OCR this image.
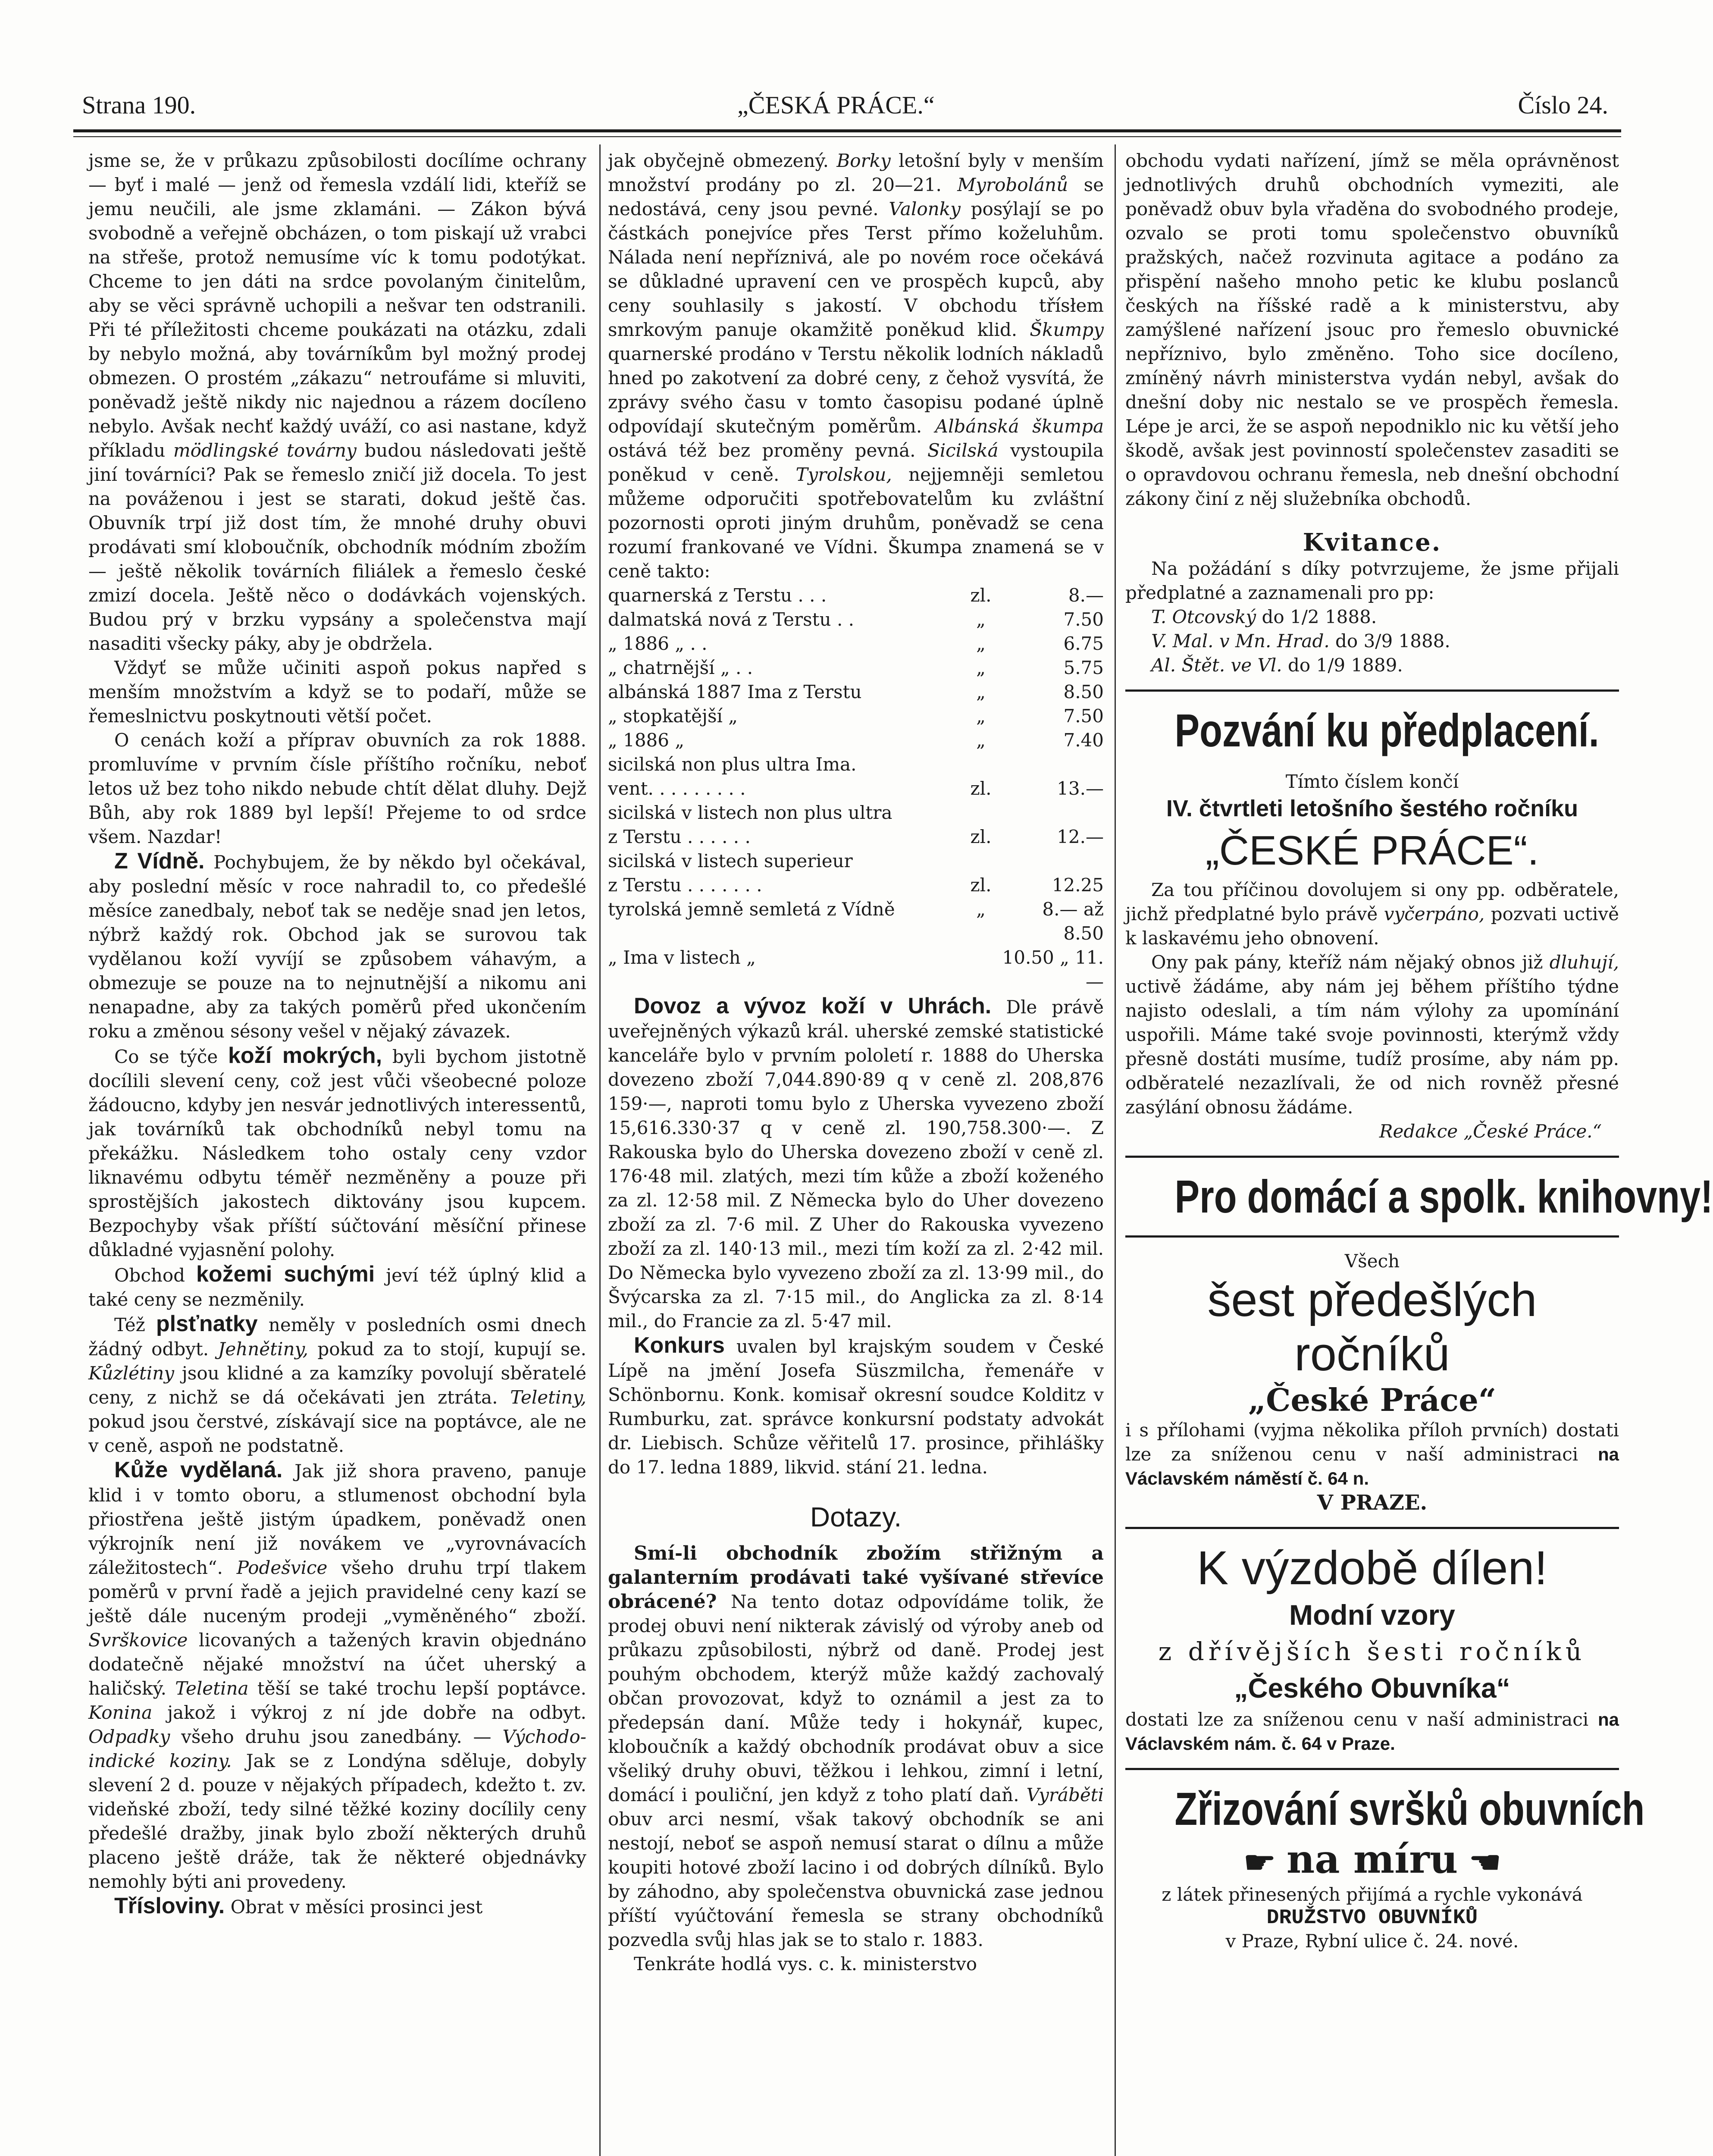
Strana 190.	„ČESKÁ PRÁCE.“	Číslo 24.

jsme se, že v průkazu způsobilosti docílíme ochrany — byť i malé — jenž od řemesla vzdálí lidi, kteříž se jemu neučili, ale jsme zklamáni. — Zákon bývá svobodně a veřejně obcházen, o tom piskají už vrabci na střeše, protož nemusíme víc k tomu podotýkat. Chceme to jen dáti na srdce povolaným činitelům, aby se věci správně uchopili a nešvar ten odstranili. Při té příležitosti chceme poukázati na otázku, zdali by nebylo možná, aby továrníkům byl možný prodej obmezen. O prostém „zákazu“ netroufáme si mluviti, poněvadž ještě nikdy nic najednou a rázem docíleno nebylo. Avšak nechť každý uváží, co asi nastane, když příkladu mödlingské továrny budou následovati ještě jiní továrníci? Pak se řemeslo zničí již docela. To jest na pováženou i jest se starati, dokud ještě čas. Obuvník trpí již dost tím, že mnohé druhy obuvi prodávati smí kloboučník, obchodník módním zbožím — ještě několik továrních filiálek a řemeslo české zmizí docela. Ještě něco o dodávkách vojenských. Budou prý v brzku vypsány a společenstva mají nasaditi všecky páky, aby je obdržela.

Vždyť se může učiniti aspoň pokus napřed s menším množstvím a když se to podaří, může se řemeslnictvu poskytnouti větší počet.

O cenách koží a příprav obuvních za rok 1888. promluvíme v prvním čísle příštího ročníku, neboť letos už bez toho nikdo nebude chtít dělat dluhy. Dejž Bůh, aby rok 1889 byl lepší! Přejeme to od srdce všem. Nazdar!

Z Vídně. Pochybujem, že by někdo byl očekával, aby poslední měsíc v roce nahradil to, co předešlé měsíce zanedbaly, neboť tak se neděje snad jen letos, nýbrž každý rok. Obchod jak se surovou tak vydělanou koží vyvíjí se způsobem váhavým, a obmezuje se pouze na to nejnutnější a nikomu ani nenapadne, aby za takých poměrů před ukončením roku a změnou sésony vešel v nějaký závazek.

Co se týče koží mokrých, byli bychom jistotně docílili slevení ceny, což jest vůči všeobecné poloze žádoucno, kdyby jen nesvár jednotlivých interessentů, jak továrníků tak obchodníků nebyl tomu na překážku. Následkem toho ostaly ceny vzdor liknavému odbytu téměř nezměněny a pouze při sprostějších jakostech diktovány jsou kupcem. Bezpochyby však příští súčtování měsíční přinese důkladné vyjasnění polohy.

Obchod kožemi suchými jeví též úplný klid a také ceny se nezměnily.

Též plsťnatky neměly v posledních osmi dnech žádný odbyt. Jehnětiny, pokud za to stojí, kupují se. Kůzlétiny jsou klidné a za kamzíky povolují sběratelé ceny, z nichž se dá očekávati jen ztráta. Teletiny, pokud jsou čerstvé, získávají sice na poptávce, ale ne v ceně, aspoň ne podstatně.

Kůže vydělaná. Jak již shora praveno, panuje klid i v tomto oboru, a stlumenost obchodní byla přiostřena ještě jistým úpadkem, poněvadž onen výkrojník není již novákem ve „vyrovnávacích záležitostech“. Podešvice všeho druhu trpí tlakem poměrů v první řadě a jejich pravidelné ceny kazí se ještě dále nuceným prodeji „vyměněného“ zboží. Svrškovice licovaných a tažených kravin objednáno dodatečně nějaké množství na účet uherský a haličský. Teletina těší se také trochu lepší poptávce. Konina jakož i výkroj z ní jde dobře na odbyt. Odpadky všeho druhu jsou zanedbány. — Východo-indické koziny. Jak se z Londýna sděluje, dobyly slevení 2 d. pouze v nějakých případech, kdežto t. zv. videňské zboží, tedy silné těžké koziny docílily ceny předešlé dražby, jinak bylo zboží některých druhů placeno ještě dráže, tak že některé objednávky nemohly býti ani provedeny.

Třísloviny. Obrat v měsíci prosinci jest

jak obyčejně obmezený. Borky letošní byly v menším množství prodány po zl. 20—21. Myrobolánů se nedostává, ceny jsou pevné. Valonky posýlají se po částkách ponejvíce přes Terst přímo koželuhům. Nálada není nepříznivá, ale po novém roce očekává se důkladné upravení cen ve prospěch kupců, aby ceny souhlasily s jakostí. V obchodu třísłem smrkovým panuje okamžitě poněkud klid. Škumpy quarnerské prodáno v Terstu několik lodních nákladů hned po zakotvení za dobré ceny, z čehož vysvítá, že zprávy svého času v tomto časopisu podané úplně odpovídají skutečným poměrům. Albánská škumpa ostává též bez proměny pevná. Sicilská vystoupila poněkud v ceně. Tyrolskou, nejjemněji semletou můžeme odporučiti spotřebovatelům ku zvláštní pozornosti oproti jiným druhům, poněvadž se cena rozumí frankované ve Vídni. Škumpa znamená se v ceně takto:

quarnerská z Terstu . . .	zl.	8.—
dalmatská nová z Terstu . .	„	7.50
„ 1886 „ . .	„	6.75
„ chatrnější „ . .	„	5.75
albánská 1887 Ima z Terstu	„	8.50
„ stopkatější „	„	7.50
„ 1886 „	„	7.40
sicilská non plus ultra Ima.
vent. . . . . . . . .	zl.	13.—
sicilská v listech non plus ultra
z Terstu . . . . . .	zl.	12.—
sicilská v listech superieur
z Terstu . . . . . . .	zl.	12.25
tyrolská jemně semletá z Vídně	„	8.— až 8.50
„ Ima v listech „	10.50 „ 11.—

Dovoz a vývoz koží v Uhrách. Dle právě uveřejněných výkazů král. uherské zemské statistické kanceláře bylo v prvním pololetí r. 1888 do Uherska dovezeno zboží 7,044.890·89 q v ceně zl. 208,876 159·—, naproti tomu bylo z Uherska vyvezeno zboží 15,616.330·37 q v ceně zl. 190,758.300·—. Z Rakouska bylo do Uherska dovezeno zboží v ceně zl. 176·48 mil. zlatých, mezi tím kůže a zboží koženého za zl. 12·58 mil. Z Německa bylo do Uher dovezeno zboží za zl. 7·6 mil. Z Uher do Rakouska vyvezeno zboží za zl. 140·13 mil., mezi tím koží za zl. 2·42 mil. Do Německa bylo vyvezeno zboží za zl. 13·99 mil., do Švýcarska za zl. 7·15 mil., do Anglicka za zl. 8·14 mil., do Francie za zl. 5·47 mil.

Konkurs uvalen byl krajským soudem v České Lípě na jmění Josefa Süszmilcha, řemenáře v Schönbornu. Konk. komisař okresní soudce Kolditz v Rumburku, zat. správce konkursní podstaty advokát dr. Liebisch. Schůze věřitelů 17. prosince, přihlášky do 17. ledna 1889, likvid. stání 21. ledna.

Dotazy.

Smí-li obchodník zbožím střižným a galanterním prodávati také vyšívané střevíce obrácené? Na tento dotaz odpovídáme tolik, že prodej obuvi není nikterak závislý od výroby aneb od průkazu způsobilosti, nýbrž od daně. Prodej jest pouhým obchodem, kterýž může každý zachovalý občan provozovat, když to oznámil a jest za to předepsán daní. Může tedy i hokynář, kupec, kloboučník a každý obchodník prodávat obuv a sice všeliký druhy obuvi, těžkou i lehkou, zimní i letní, domácí i pouliční, jen když z toho platí daň. Vyráběti obuv arci nesmí, však takový obchodník se ani nestojí, neboť se aspoň nemusí starat o dílnu a může koupiti hotové zboží lacino i od dobrých dílníků. Bylo by záhodno, aby společenstva obuvnická zase jednou příští vyúčtování řemesla se strany obchodníků pozvedla svůj hlas jak se to stalo r. 1883.

Tenkráte hodlá vys. c. k. ministerstvo

obchodu vydati nařízení, jímž se měla oprávněnost jednotlivých druhů obchodních vymeziti, ale poněvadž obuv byla vřaděna do svobodného prodeje, ozvalo se proti tomu společenstvo obuvníků pražských, načež rozvinuta agitace a podáno za přispění našeho mnoho petic ke klubu poslanců českých na říšské radě a k ministerstvu, aby zamýšlené nařízení jsouc pro řemeslo obuvnické nepříznivo, bylo změněno. Toho sice docíleno, zmíněný návrh ministerstva vydán nebyl, avšak do dnešní doby nic nestalo se ve prospěch řemesla. Lépe je arci, že se aspoň nepodniklo nic ku větší jeho škodě, avšak jest povinností společenstev zasaditi se o opravdovou ochranu řemesla, neb dnešní obchodní zákony činí z něj služebníka obchodů.

Kvitance.

Na požádání s díky potvrzujeme, že jsme přijali předplatné a zaznamenali pro pp:

T. Otcovský do 1/2 1888.

V. Mal. v Mn. Hrad. do 3/9 1888.

Al. Štět. ve Vl. do 1/9 1889.

Pozvání ku předplacení.
Tímto číslem končí
IV. čtvrtleti letošního šestého ročníku
„ČESKÉ PRÁCE“.

Za tou příčinou dovolujem si ony pp. odběratele, jichž předplatné bylo právě vyčerpáno, pozvati uctivě k laskavému jeho obnovení.

Ony pak pány, kteříž nám nějaký obnos již dluhují, uctivě žádáme, aby nám jej během příštího týdne najisto odeslali, a tím nám výlohy za upomínání uspořili. Máme také svoje povinnosti, kterýmž vždy přesně dostáti musíme, tudíž prosíme, aby nám pp. odběratelé nezazlívali, že od nich rovněž přesné zasýlání obnosu žádáme.

Redakce „České Práce.“

Pro domácí a spolk. knihovny!
Všech
šest předešlých ročníků
„České Práce“

i s přílohami (vyjma několika příloh prvních) dostati lze za sníženou cenu v naší administraci na Václavském náměstí č. 64 n.

V PRAZE.
K výzdobě dílen!
Modní vzory
z dřívějších šesti ročníků
„Českého Obuvníka“

dostati lze za sníženou cenu v naší administraci na Václavském nám. č. 64 v Praze.

Zřizování svršků obuvních
☛ na míru ☚
z látek přinesených přijímá a rychle vykonává
DRUŽSTVO OBUVNÍKŮ
v Praze, Rybní ulice č. 24. nové.
